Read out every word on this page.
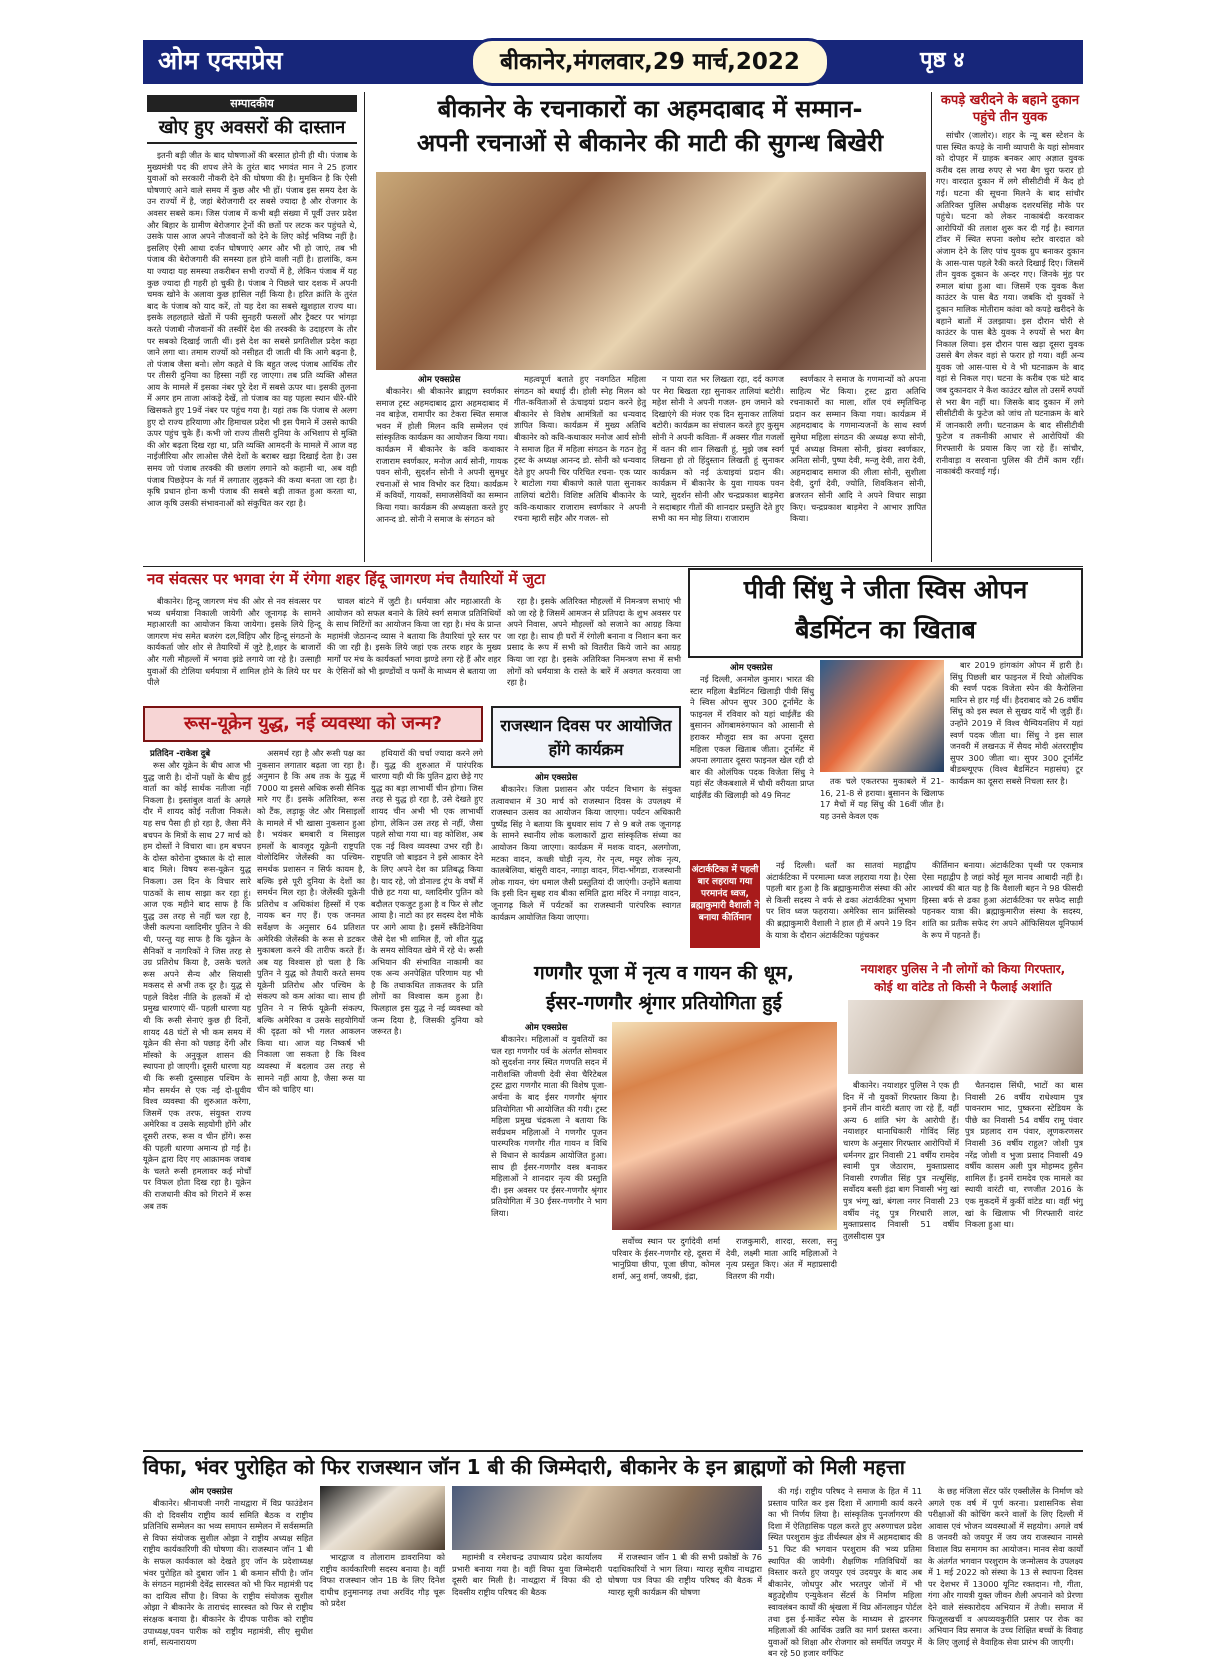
ओम एक्सप्रेस	बीकानेर,मंगलवार,29 मार्च,2022	पृष्ठ ४
सम्पादकीय
खोए हुए अवसरों की दास्तान

इतनी बड़ी जीत के बाद घोषणाओं की बरसात होनी ही थी। पंजाब के मुख्यमंत्री पद की शपथ लेने के तुरंत बाद भगवंत मान ने 25 हजार युवाओं को सरकारी नौकरी देने की घोषणा की है। मुमकिन है कि ऐसी घोषणाएं आने वाले समय में कुछ और भी हों। पंजाब इस समय देश के उन राज्यों में है, जहां बेरोजगारी दर सबसे ज्यादा है और रोजगार के अवसर सबसे कम। जिस पंजाब में कभी बड़ी संख्या में पूर्वी उत्तर प्रदेश और बिहार के ग्रामीण बेरोजगार ट्रेनों की छतों पर लटक कर पहुंचते थे, उसके पास आज अपने नौजवानों को देने के लिए कोई भविष्य नहीं है। इसलिए ऐसी आधा दर्जन घोषणाएं अगर और भी हो जाएं, तब भी पंजाब की बेरोजगारी की समस्या हल होने वाली नहीं है। हालांकि, कम या ज्यादा यह समस्या तकरीबन सभी राज्यों में है, लेकिन पंजाब में यह कुछ ज्यादा ही गहरी हो चुकी है। पंजाब ने पिछले चार दशक में अपनी चमक खोने के अलावा कुछ हासिल नहीं किया है। हरित क्रांति के तुरंत बाद के पंजाब को याद करें, तो यह देश का सबसे खुशहाल राज्य था। इसके लहलहाते खेतों में पकी सुनहरी फसलों और ट्रैक्टर पर भांगड़ा करते पंजाबी नौजवानों की तस्वीरें देश की तरक्की के उदाहरण के तौर पर सबको दिखाई जाती थीं। इसे देश का सबसे प्रगतिशील प्रदेश कहा जाने लगा था। तमाम राज्यों को नसीहत दी जाती थी कि आगे बढ़ना है, तो पंजाब जैसा बनो। लोग कहते थे कि बहुत जल्द पंजाब आर्थिक तौर पर तीसरी दुनिया का हिस्सा नहीं रह जाएगा। तब प्रति व्यक्ति औसत आय के मामले में इसका नंबर पूरे देश में सबसे ऊपर था। इसकी तुलना में अगर हम ताजा आंकड़े देखें, तो पंजाब का यह पहला स्थान धीरे-धीरे खिसकते हुए 19वें नंबर पर पहुंच गया है। यहां तक कि पंजाब से अलग हुए दो राज्य हरियाणा और हिमाचल प्रदेश भी इस पैमाने में उससे काफी ऊपर पहुंच चुके हैं। कभी जो राज्य तीसरी दुनिया के अभिशाप से मुक्ति की ओर बढ़ता दिख रहा था, प्रति व्यक्ति आमदनी के मामले में आज वह नाईजीरिया और लाओस जैसे देशों के बराबर खड़ा दिखाई देता है। उस समय जो पंजाब तरक्की की छलांग लगाने को कहानी था, अब वही पंजाब पिछड़ेपन के गर्त में लगातार लुढ़कने की कथा बनता जा रहा है। कृषि प्रधान होना कभी पंजाब की सबसे बड़ी ताकत हुआ करता था, आज कृषि उसकी संभावनाओं को संकुचित कर रहा है।

बीकानेर के रचनाकारों का अहमदाबाद में सम्मान-
अपनी रचनाओं से बीकानेर की माटी की सुगन्ध बिखेरी
ओम एक्सप्रेस

बीकानेर। श्री बीकानेर ब्राह्मण स्वर्णकार समाज ट्रस्ट अहमदाबाद द्वारा अहमदाबाद में नव बाड़ेज, रामापीर का टेकरा स्थित समाज भवन में होली मिलन कवि सम्मेलन एवं सांस्कृतिक कार्यक्रम का आयोजन किया गया। कार्यक्रम में बीकानेर के कवि कथाकार राजाराम स्वर्णकार, मनोज आर्य सोनी, गायक पवन सोनी, सुदर्शन सोनी ने अपनी सुमधुर रचनाओं से भाव विभोर कर दिया। कार्यक्रम में कवियों, गायकों, समाजसेवियों का सम्मान किया गया। कार्यक्रम की अध्यक्षता करते हुए आनन्द डो. सोनी ने समाज के संगठन को

महत्वपूर्ण बताते हुए नवगठित महिला संगठन को बधाई दी। होली स्नेह मिलन को गीत-कविताओं से ऊंचाइयां प्रदान करने हेतु बीकानेर से विशेष आमंत्रितों का धन्यवाद ज्ञापित किया। कार्यक्रम में मुख्य अतिथि बीकानेर को कवि-कथाकार मनोज आर्य सोनी ने समाज हित में महिला संगठन के गठन हेतु ट्रस्ट के अध्यक्ष आनन्द डो. सोनी को धन्यवाद देते हुए अपनी चिर परिचित रचना- एक प्यार रे बाटोला गया बीकाणे काले पाता सुनाकर तालियां बटोरी। विशिष्ट अतिथि बीकानेर के कवि-कथाकार राजाराम स्वर्णकार ने अपनी रचना म्हारी सहैर और गजल- सो

न पाया रात भर लिखता रहा, दर्द कागज पर मेरा बिखता रहा सुनाकर तालियां बटोरी। महेश सोनी ने अपनी गजल- हम जमाने को दिखाएंगे की मंजर एक दिन सुनाकर तालियां बटोरी। कार्यक्रम का संचालन करते हुए कुसुम सोनी ने अपनी कविता- मैं अक्सर गीत गजलों में वतन की शान लिखती हूं, मुझे जब स्वर्ग लिखना हो तो हिंदुस्तान लिखती हूं सुनाकर कार्यक्रम को नई ऊंचाइयां प्रदान की। कार्यक्रम में बीकानेर के युवा गायक पवन प्यारे, सुदर्शन सोनी और चन्द्रप्रकाश बाड़मेरा ने सदाबहार गीतों की शानदार प्रस्तुति देते हुए सभी का मन मोह लिया। राजाराम

स्वर्णकार ने समाज के गणमान्यों को अपना साहित्य भेंट किया। ट्रस्ट द्वारा अतिथि रचनाकारों का माला, शॉल एवं स्मृतिचिन्ह प्रदान कर सम्मान किया गया। कार्यक्रम में अहमदाबाद के गणमान्यजनों के साथ स्वर्ण सुमेधा महिला संगठन की अध्यक्ष रूपा सोनी, पूर्व अध्यक्ष विमला सोनी, झंवरा स्वर्णकार, अनिता सोनी, पुष्पा देवी, मन्जु देवी, तारा देवी, अहमदाबाद समाज की लीला सोनी, सुशीला देवी, दुर्गा देवी, ज्योति, शिवकिशन सोनी, ब्रजरतन सोनी आदि ने अपने विचार साझा किए। चन्द्रप्रकाश बाड़मेरा ने आभार ज्ञापित किया।

कपड़े खरीदने के बहाने दुकान पहुंचे तीन युवक

सांचौर (जालोर)। शहर के न्यू बस स्टेशन के पास स्थित कपड़े के नामी व्यापारी के यहां सोमवार को दोपहर में ग्राहक बनकर आए अज्ञात युवक करीब दस लाख रुपए से भरा बैग चुरा फरार हो गए। वारदात दुकान में लगे सीसीटीवी में कैद हो गई। घटना की सूचना मिलने के बाद सांचौर अतिरिक्त पुलिस अधीक्षक दशरथसिंह मौके पर पहुंचे। घटना को लेकर नाकाबंदी करवाकर आरोपियों की तलाश शुरू कर दी गई है। स्वागत टॉवर में स्थित सपना क्लोथ स्टोर वारदात को अंजाम देने के लिए पांच युवक ग्रुप बनाकर दुकान के आस-पास पहले रैकी करते दिखाई दिए। जिसमें तीन युवक दुकान के अन्दर गए। जिनके मुंह पर रुमाल बांधा हुआ था। जिसमें एक युवक कैश काउंटर के पास बैठ गया। जबकि दो युवकों ने दुकान मालिक मोतीराम कांवा को कपड़े खरीदने के बहाने बातों में उलझाया। इस दौरान चोरी से काउंटर के पास बैठे युवक ने रुपयों से भरा बैग निकाल लिया। इस दौरान पास खड़ा दूसरा युवक उससे बैग लेकर वहां से फरार हो गया। वहीं अन्य युवक जो आस-पास थे वे भी घटनाक्रम के बाद वहां से निकल गए। घटना के करीब एक घंटे बाद जब दुकानदार ने कैश काउंटर खोल तो उसमें रुपयों से भरा बैग नहीं था। जिसके बाद दुकान में लगे सीसीटीवी के फुटेज को जांच तो घटनाक्रम के बारे में जानकारी लगी। घटनाक्रम के बाद सीसीटीवी फुटेज व तकनीकी आधार से आरोपियों की गिरफ्तारी के प्रयास किए जा रहे हैं। सांचौर, रानीवाड़ा व सरवाना पुलिस की टीमें काम रहीं। नाकाबंदी करवाई गई।

नव संवत्सर पर भगवा रंग में रंगेगा शहर हिंदू जागरण मंच तैयारियों में जुटा

बीकानेर। हिन्दू जागरण मंच की ओर से नव संवत्सर पर भव्य धर्मयात्रा निकाली जायेगी और जूनागढ़ के सामने महाआरती का आयोजन किया जायेगा। इसके लिये हिन्दू जागरण मंच समेत बजरंग दल,विहिप और हिन्दू संगठनो के कार्यकर्ता जोर शोर से तैयारियों में जुटे है,शहर के बाजारों और गली मौहल्लों में भगवा झंडे लगाये जा रहे है। उत्साही युवाओं की टोलिया धर्मयात्रा में शामिल होने के लिये घर घर पीले

चावल बांटने में जुटी है। धर्मयात्रा और महाआरती के आयोजन को सफल बनाने के लिये स्वर्ग समाज प्रतिनिधियों के साथ मिटिंगों का आयोजन किया जा रहा है। मंच के प्रान्त महामंत्री जेठानन्द व्यास ने बताया कि तैयारियां पूरे स्तर पर की जा रही है। इसके लिये जहां एक तरफ शहर के मुख्य मार्गों पर मंच के कार्यकर्ता भगवा झण्डे लगा रहे हैं और शहर के ऐसिनों को भी झण्डोंयों व फर्मों के माध्यम से बताया जा

रहा है। इसके अतिरिक्त मौहल्लों में निमन्त्रण सभाएं भी को जा रहे है जिसमें आमजन से प्रतिपदा के शुभ अवसर पर अपने निवास, अपने मौहल्लों को सजाने का आग्रह किया जा रहा है। साथ ही घरों में रंगोली बनाना व निशान बना कर प्रसाद के रूप में सभी को वितरीत किये जाने का आग्रह किया जा रहा है। इसके अतिरिक्त निमन्त्रण सभा में सभी लोगों को धर्मयात्रा के रास्ते के बारें में अवगत करवाया जा रहा है।

पीवी सिंधु ने जीता स्विस ओपन
बैडमिंटन का खिताब
ओम एक्सप्रेस

नई दिल्ली, अनमोल कुमार। भारत की स्टार महिला बैडमिंटन खिलाड़ी पीवी सिंधु ने स्विस ओपन सुपर 300 टूर्नामेंट के फाइनल में रविवार को यहां थाईलैंड की बुसानन ओंगबामरुंगफान को आसानी से हराकर मौजूदा सत्र का अपना दूसरा महिला एकल खिताब जीता। टूर्नामेंट में अपना लगातार दूसरा फाइनल खेल रही दो बार की ओलंपिक पदक विजेता सिंधु ने यहां सेंट जैकबशाले में चौथी वरीयता प्राप्त थाईलैंड की खिलाड़ी को 49 मिनट

तक चले एकतरफा मुकाबले में 21-16, 21-8 से हराया। बुसानन के खिलाफ 17 मैचों में यह सिंधु की 16वीं जीत है। यह उनसे केवल एक

बार 2019 हांगकांग ओपन में हारी है। सिंधु पिछली बार फाइनल में रियो ओलंपिक की स्वर्ण पदक विजेता स्पेन की कैरोलिना मारिन से हार गई थीं। हैदराबाद को 26 वर्षीय सिंधु को इस स्थल से सुखद यादें भी जुड़ी हैं। उन्होंने 2019 में विश्व चैम्पियनशिप में यहां स्वर्ण पदक जीता था। सिंधु ने इस साल जनवरी में लखनऊ में सैयद मोदी अंतरराष्ट्रीय सुपर 300 जीता था। सुपर 300 टूर्नामेंट बीडब्ल्यूएफ (विश्व बैडमिंटन महासंघ) टूर कार्यक्रम का दूसरा सबसे निचला स्तर है।

रूस-यूक्रेन युद्ध, नई व्यवस्था को जन्म?
प्रतिदिन -राकेश दुबे

रूस और यूक्रेन के बीच आज भी युद्ध जारी है। दोनों पक्षों के बीच हुई वार्ता का कोई सार्थक नतीजा नहीं निकला है। इस्तांबुल वार्ता के अगले दौर में शायद कोई नतीजा निकले। यह सच पैसा ही हो रहा है, जैसा मैंने बचपन के मित्रों के साथ 27 मार्च को हम दोस्तों ने विचारा था। हम बचपन के दोस्त कोरोना दुष्काल के दो साल बाद मिले। विषय रूस-यूक्रेन युद्ध निकला। उस दिन के विचार सारे पाठकों के साथ साझा कर रहा हूं। आज एक महीने बाद साफ है कि युद्ध उस तरह से नहीं चल रहा है, जैसी कल्पना व्लादिमीर पुतिन ने की थी, परन्तु यह साफ है कि यूक्रेन के सैनिकों व नागरिकों ने जिस तरह से उग्र प्रतिरोध किया है, उसके चलते रूस अपने सैन्य और सियासी मकसद से अभी तक दूर है। युद्ध से पहले विदेश नीति के हलकों में दो प्रमुख धारणाएं थीं- पहली धारणा यह थी कि रूसी सेनाएं कुछ ही दिनों, शायद 48 घंटों से भी कम समय में यूक्रेन की सेना को पछाड़ देंगी और मॉस्को के अनुकूल शासन की स्थापना हो जाएगी। दूसरी धारणा यह थी कि रूसी दुस्साहस पश्चिम के मौन समर्थन से एक नई दो-ध्रुवीय विश्व व्यवस्था की शुरुआत करेगा, जिसमें एक तरफ, संयुक्त राज्य अमेरिका व उसके सहयोगी होंगे और दूसरी तरफ, रूस व चीन होंगे। रूस की पहली धारणा अमान्य हो गई है। यूक्रेन द्वारा दिए गए आक्रामक जवाब के चलते रूसी हमलावर कई मोर्चों पर विफल होता दिख रहा है। यूक्रेन की राजधानी कीव को गिराने में रूस अब तक

असमर्थ रहा है और रूसी पक्ष का नुकसान लगातार बढ़ता जा रहा है। अनुमान है कि अब तक के युद्ध में 7000 या इससे अधिक रूसी सैनिक मारे गए हैं। इसके अतिरिक्त, रूस को टैंक, लड़ाकू जेट और मिसाइलों के मामले में भी खासा नुकसान हुआ है। भयंकर बमबारी व मिसाइल हमलों के बावजूद यूक्रेनी राष्ट्रपति वोलोदिमिर जेलेंस्की का पश्चिम-समर्थक प्रशासन न सिर्फ कायम है, बल्कि इसे पूरी दुनिया के देशों का समर्थन मिल रहा है। जेलेंस्की यूक्रेनी प्रतिरोध व अधिकांश हिस्सों में एक नायक बन गए हैं। एक जनमत सर्वेक्षण के अनुसार 64 प्रतिशत अमेरिकी जेलेंस्की के रूस से डटकर मुकाबला करने की तारीफ करते हैं। अब यह विश्वास हो चला है कि पुतिन ने युद्ध को तैयारी करते समय यूक्रेनी प्रतिरोध और पश्चिम के संकल्प को कम आंका था। साथ ही पुतिन ने न सिर्फ यूक्रेनी संकल्प, बल्कि अमेरिका व उसके सहयोगियों की दृढ़ता को भी गलत आकलन किया था। आज यह निष्कर्ष भी निकाला जा सकता है कि विश्व व्यवस्था में बदलाव उस तरह से सामने नहीं आया है, जैसा रूस या चीन को चाहिए था।

हथियारों की चर्चा ज्यादा करने लगे हैं। युद्ध की शुरुआत में पारंपरिक धारणा यही थी कि पुतिन द्वारा छेड़े गए युद्ध का बड़ा लाभार्थी चीन होगा। जिस तरह से युद्ध हो रहा है, उसे देखते हुए शायद चीन अभी भी एक लाभार्थी होगा, लेकिन उस तरह से नहीं, जैसा पहले सोचा गया था। वह कोशिश, अब एक नई विश्व व्यवस्था उभर रही है। राष्ट्रपति जो बाइडन ने इसे आकार देने के लिए अपने देश का प्रतिबद्ध किया है। याद रहे, जो डोनाल्ड ट्रंप के वर्षों में पीछे हट गया था, व्लादिमीर पुतिन को बदौलत एकजुट हुआ है व फिर से लौट आया है। नाटो का हर सदस्य देश मौके पर आगे आया है। इसमें स्कैंडिनेविया जैसे देश भी शामिल हैं, जो शीत युद्ध के समय सोवियत खेमे में रहे थे। रूसी अभियान की संभावित नाकामी का एक अन्य अनपेक्षित परिणाम यह भी है कि तथाकथित ताकतवर के प्रति लोगों का विश्वास कम हुआ है। फिलहाल इस युद्ध ने नई व्यवस्था को जन्म दिया है, जिसकी दुनिया को जरूरत है।

राजस्थान दिवस पर आयोजित होंगे कार्यक्रम
ओम एक्सप्रेस

बीकानेर। जिला प्रशासन और पर्यटन विभाग के संयुक्त तत्वावधान में 30 मार्च को राजस्थान दिवस के उपलक्ष्य में राजस्थान उत्सव का आयोजन किया जाएगा। पर्यटन अधिकारी पुष्पेंद्र सिंह ने बताया कि बुधवार सांय 7 से 9 बजे तक जूनागढ़ के सामने स्थानीय लोक कलाकारों द्वारा सांस्कृतिक संध्या का आयोजन किया जाएगा। कार्यक्रम में मशक वादन, अलगोजा, मटका वादन, कच्छी घोड़ी नृत्य, गेर नृत्य, मयूर लोक नृत्य, कालबेलिया, बांसुरी वादन, नगाड़ा वादन, गिंदा-भोंगडा, राजस्थानी लोक गायन, चंग धमाल जैसी प्रस्तुतियां दी जाएंगी। उन्होंने बताया कि इसी दिन सुबह राव बीका समिति द्वारा मंदिर में नगाड़ा वादन, जूनागढ़ किले में पर्यटकों का राजस्थानी पारंपरिक स्वागत कार्यक्रम आयोजित किया जाएगा।

अंटार्कटिका में पहली बार लहराया गया परमानंद ध्वज, ब्रह्माकुमारी वैशाली ने बनाया कीर्तिमान

नई दिल्ली। धर्तों का सातवां महाद्वीप अंटार्कटिका में परमात्मा ध्वज लहराया गया है। ऐसा पहली बार हुआ है कि ब्रह्माकुमारीज संस्था की ओर से किसी सदस्य ने वर्फ से ढका अंटार्कटिका भूभाग पर शिव ध्वज फहराया। अमेरिका सान फ्रांसिस्को की ब्रह्माकुमारी वैशाली ने हाल ही में अपने 19 दिन के यात्रा के दौरान अंटार्कटिका पहुंचकर

कीर्तिमान बनाया। अंटार्कटिका पृथ्वी पर एकमात्र ऐसा महाद्वीप है जहां कोई मूल मानव आबादी नहीं है। आश्चर्य की बात यह है कि वैशाली बहन ने 98 फीसदी हिस्सा बर्फ से ढका हुआ अंटार्कटिका पर सफेद साड़ी पहनकर यात्रा की। ब्रह्माकुमारीज संस्था के सदस्य, शांति का प्रतीक सफेद रंग अपने ऑफिसियल यूनिफार्म के रूप में पहनते हैं।

गणगौर पूजा में नृत्य व गायन की धूम,
ईसर-गणगौर श्रृंगार प्रतियोगिता हुई
ओम एक्सप्रेस

बीकानेर। महिलाओं व युवतियों का चल रहा गणगौर पर्व के अंतर्गत सोमवार को सुदर्शना नगर स्थित गणपति सदन में नारीशक्ति जीवणी देवी सेवा चैरिटेबल ट्रस्ट द्वारा गणगौर माता की विशेष पूजा-अर्चना के बाद ईसर गणगौर श्रृंगार प्रतियोगिता भी आयोजित की गयी। ट्रस्ट महिला प्रमुख चंद्रकला ने बताया कि सर्वप्रथम महिलाओं ने गणगौर पूजन पारम्परिक गणगौर गीत गायन व विधि से विधान से कार्यक्रम आयोजित हुआ। साथ ही ईसर-गणगौर वस्त्र बनाकर महिलाओं ने शानदार नृत्य की प्रस्तुति दी। इस अवसर पर ईसर-गणगौर श्रृंगार प्रतियोगिता में 30 ईसर-गणगौर ने भाग लिया।

सर्वोच्च स्थान पर दुर्गादेवी शर्मा परिवार के ईसर-गणगौर रहे, दूसरा में भानुप्रिया छीपा, पूजा छीपा, कोमल शर्मा, अनु शर्मा, जयश्री, इंद्रा,

राजकुमारी, शारदा, सरला, सनु देवी, लक्ष्मी माता आदि महिलाओं ने नृत्य प्रस्तुत किए। अंत में महाप्रसादी वितरण की गयी।

नयाशहर पुलिस ने नौ लोगों को किया गिरफ्तार,
कोई था वांटेड तो किसी ने फैलाई अशांति

बीकानेर। नयाशहर पुलिस ने एक ही दिन में नौ युवकों गिरफ्तार किया है। इनमें तीन वारंटी बताए जा रहे हैं, वहीं अन्य 6 शांति भंग के आरोपी हैं। नयाशहर थानाधिकारी गोविंद सिंह चारण के अनुसार गिरफ्तार आरोपियों में धर्मनगर द्वार निवासी 21 वर्षीय रामदेव स्वामी पुत्र जेठाराम, मुक्ताप्रसाद निवासी रणजीत सिंह पुत्र नत्थूसिंह, सर्वोदय बस्ती इंद्रा बाग निवासी भंगु खां पुत्र भंग्गू खां, बंगला नगर निवासी 23 वर्षीय नंदू पुत्र गिरधारी लाल, मुक्ताप्रसाद निवासी 51 वर्षीय तुलसीदास पुत्र

चैतनदास सिंधी, भाटों का बास निवासी 26 वर्षीय राधेश्याम पुत्र पावनराम भाट, पुष्करना स्टेडियम के पीछे का निवासी 54 वर्षीय रामू पंवार पुत्र प्रहलाद राम पंवार, लूणकरणसर निवासी 36 वर्षीय राहुल? जोशी पुत्र नरेंद्र जोशी व भुजा प्रसाद निवासी 49 वर्षीय कासम अली पुत्र मोहम्मद हुसैन शामिल हैं। इनमें रामदेव एक मामले का स्थायी वारंटी था, रणजीत 2016 के एक मुकदमें में कुर्की वांटेड था। वहीं भंगु खां के खिलाफ भी गिरफ्तारी वारंट निकला हुआ था।

विफा, भंवर पुरोहित को फिर राजस्थान जॉन 1 बी की जिम्मेदारी, बीकानेर के इन ब्राह्मणों को मिली महत्ता
ओम एक्सप्रेस

बीकानेर। श्रीनाथजी नगरी नाथद्वारा में विप्र फाउंडेशन की दो दिवसीय राष्ट्रीय कार्य समिति बैठक व राष्ट्रीय प्रतिनिधि सम्मेलन का भव्य समापन सम्मेलन में सर्वसम्मति से विफा संयोजक सुशील ओझा ने राष्ट्रीय अध्यक्ष सहित राष्ट्रीय कार्यकारिणी की घोषणा की। राजस्थान जॉन 1 बी के सफल कार्यकाल को देखते हुए जॉन के प्रदेशाध्यक्ष भंवर पुरोहित को दुबारा जॉन 1 बी कमान सौंपी है। जॉन के संगठन महामंत्री देवेंद्र सारस्वत को भी फिर महामंत्री पद का दायित्व सौंपा है। विफा के राष्ट्रीय संयोजक सुशील ओझा ने बीकानेर के ताराचंद सारस्वत को फिर से राष्ट्रीय संरक्षक बनाया है। बीकानेर के दीपक पारीक को राष्ट्रीय उपाध्यक्ष,पवन पारीक को राष्ट्रीय महामंत्री, सीए सुधीश शर्मा, सत्यनारायण

भारद्वाज व तोलाराम डावरानिया को राष्ट्रीय कार्यकारिणी सदस्य बनाया है। वहीं विफा राजस्थान जोन 1B के लिए दिनेश दाधीच हनुमानगढ़ तथा अरविंद गौड़ चूरू को प्रदेश

महामंत्री व रमेशचन्द्र उपाध्याय प्रदेश कार्यालय प्रभारी बनाया गया है। वहीं विफा युवा जिम्मेदारी दूसरी बार मिली है। नाथद्वारा में विफा की दो दिवसीय राष्ट्रीय परिषद की बैठक

में राजस्थान जॉन 1 बी की सभी प्रकोष्ठों के 76 पदाधिकारियों ने भाग लिया। ग्यारह सूत्रीय नाथद्वारा घोषणा पत्र विफा की राष्ट्रीय परिषद की बैठक में ग्यारह सूत्री कार्यक्रम की घोषणा

की गई। राष्ट्रीय परिषद ने समाज के हित में 11 प्रस्ताव पारित कर इस दिशा में आगामी कार्य करने का भी निर्णय लिया है। सांस्कृतिक पुनर्जागरण की दिशा में ऐतिहासिक पहल करते हुए अरुणाचल प्रदेश स्थित परशुराम कुंड तीर्थस्थल क्षेत्र में अहमदाबाद की 51 फिट की भगवान परशुराम की भव्य प्रतिमा स्थापित की जायेगी। शैक्षणिक गतिविधियों का विस्तार करते हुए जयपुर एवं उदयपुर के बाद अब बीकानेर, जोधपुर और भरतपुर जोनों में भी बहुउद्देशीय एन्युकेशन सेंटर्स के निर्माण महिला स्वावलंबन कार्यों की श्रृंखला में विप्र ऑनलाइन पोर्टल तथा इस ई-मार्केट स्पेस के माध्यम से द्वारनगर महिलाओं की आर्थिक उन्नति का मार्ग प्रशस्त करना। युवाओं को शिक्षा और रोजगार को समर्पित जयपुर में बन रहे 50 हजार वर्गफिट

के छह मंजिला सेंटर फॉर एक्सीलेंस के निर्माण को अगले एक वर्ष में पूर्ण करना। प्रशासनिक सेवा परीक्षाओं की कोचिंग करने वालों के लिए दिल्ली में आवास एवं भोजन व्यवस्थाओं में सहयोग। अगले वर्ष 8 जनवरी को जयपुर में जय जय राजस्थान नामसे विशाल विप्र समागम का आयोजन। मानव सेवा कार्यों के अंतर्गत भगवान परशुराम के जन्मोत्सव के उपलक्ष्य में 1 मई 2022 को संस्था के 13 से स्थापना दिवस पर देशभर में 13000 यूनिट रक्तदान। गौ, गीता, गंगा और गायत्री युक्त जीवन शैली अपनाने को प्रेरणा देने वाले संस्कारोदय अभियान में तेजी। समाज में फिजूलखर्ची व अपव्ययकुरीति प्रसार पर रोक का अभियान विप्र समाज के उच्च शिक्षित बच्चों के विवाह के लिए जुलाई से वैवाहिक सेवा प्रारंभ की जाएगी।
